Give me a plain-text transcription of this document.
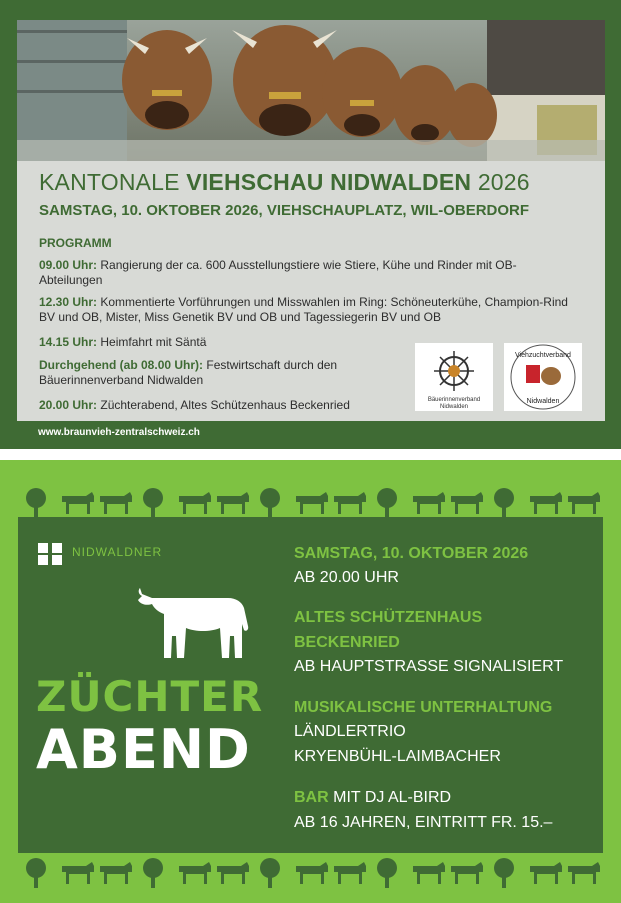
KANTONALE VIEHSCHAU NIDWALDEN 2026
SAMSTAG, 10. OKTOBER 2026, VIEHSCHAUPLATZ, WIL-OBERDORF
PROGRAMM
09.00 Uhr: Rangierung der ca. 600 Ausstellungstiere wie Stiere, Kühe und Rinder mit OB-Abteilungen
12.30 Uhr: Kommentierte Vorführungen und Misswahlen im Ring: Schöneuterkühe, Champion-Rind BV und OB, Mister, Miss Genetik BV und OB und Tagessiegerin BV und OB
14.15 Uhr: Heimfahrt mit Säntä
Durchgehend (ab 08.00 Uhr): Festwirtschaft durch den Bäuerinnenverband Nidwalden
20.00 Uhr: Züchterabend, Altes Schützenhaus Beckenried	Bäuerinnenverband
Nidwalden
Viehzuchtverband
Nidwalden
www.braunvieh-zentralschweiz.ch
NIDWALDNER
ZÜCHTER
ABEND
SAMSTAG, 10. OKTOBER 2026
AB 20.00 UHR
ALTES SCHÜTZENHAUS
BECKENRIED
AB HAUPTSTRASSE SIGNALISIERT
MUSIKALISCHE UNTERHALTUNG
LÄNDLERTRIO
KRYENBÜHL-LAIMBACHER
BAR MIT DJ AL-BIRD
AB 16 JAHREN, EINTRITT FR. 15.–
